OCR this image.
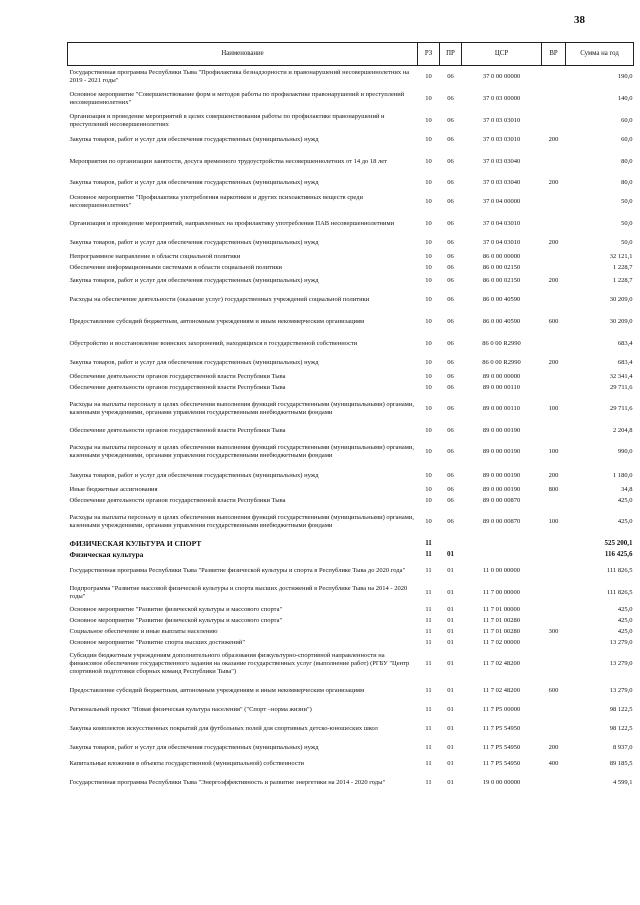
38
Наименование	РЗ	ПР	ЦСР	ВР	Сумма на год
Государственная программа Республики Тыва "Профилактика безнадзорности и правонарушений несовершеннолетних на 2019 - 2021 годы"	10	06	37 0 00 00000		190,0
Основное мероприятие "Совершенствование форм и методов работы по профилактике правонарушений и преступлений несовершеннолетних"	10	06	37 0 03 00000		140,0
Организация и проведение мероприятий в целях совершенствования работы по профилактике правонарушений и преступлений несовершеннолетних	10	06	37 0 03 03010		60,0
Закупка товаров, работ и услуг для обеспечения государственных (муниципальных) нужд	10	06	37 0 03 03010	200	60,0
Мероприятия по организации занятости, досуга временного трудоустройства несовершеннолетних от 14 до 18 лет	10	06	37 0 03 03040		80,0
Закупка товаров, работ и услуг для обеспечения государственных (муниципальных) нужд	10	06	37 0 03 03040	200	80,0
Основное мероприятие "Профилактика употребления наркотиков и других психоактивных веществ среди несовершеннолетних"	10	06	37 0 04 00000		50,0
Организация и проведение мероприятий, направленных на профилактику употребления ПАВ несовершеннолетними	10	06	37 0 04 03010		50,0
Закупка товаров, работ и услуг для обеспечения государственных (муниципальных) нужд	10	06	37 0 04 03010	200	50,0
Непрограммное направление в области социальной политики	10	06	86 0 00 00000		32 121,1
Обеспечение информационными системами в области социальной политики	10	06	86 0 00 02150		1 228,7
Закупка товаров, работ и услуг для обеспечения государственных (муниципальных) нужд	10	06	86 0 00 02150	200	1 228,7
Расходы на обеспечение деятельности (оказание услуг) государственных учреждений социальной политики	10	06	86 0 00 40590		30 209,0
Предоставление субсидий бюджетным, автономным учреждениям и иным некоммерческим организациям	10	06	86 0 00 40590	600	30 209,0
Обустройство и восстановление воинских захоронений, находящихся в государственной собственности	10	06	86 0 00 R2990		683,4
Закупка товаров, работ и услуг для обеспечения государственных (муниципальных) нужд	10	06	86 0 00 R2990	200	683,4
Обеспечение деятельности органов государственной власти Республики Тыва	10	06	89 0 00 00000		32 341,4
Обеспечение деятельности органов государственной власти Республики Тыва	10	06	89 0 00 00110		29 711,6
Расходы на выплаты персоналу в целях обеспечения выполнения функций государственными (муниципальными) органами, казенными учреждениями, органами управления государственными внебюджетными фондами	10	06	89 0 00 00110	100	29 711,6
Обеспечение деятельности органов государственной власти Республики Тыва	10	06	89 0 00 00190		2 204,8
Расходы на выплаты персоналу в целях обеспечения выполнения функций государственными (муниципальными) органами, казенными учреждениями, органами управления государственными внебюджетными фондами	10	06	89 0 00 00190	100	990,0
Закупка товаров, работ и услуг для обеспечения государственных (муниципальных) нужд	10	06	89 0 00 00190	200	1 180,0
Иные бюджетные ассигнования	10	06	89 0 00 00190	800	34,8
Обеспечение деятельности органов государственной власти Республики Тыва	10	06	89 0 00 00870		425,0
Расходы на выплаты персоналу в целях обеспечения выполнения функций государственными (муниципальными) органами, казенными учреждениями, органами управления государственными внебюджетными фондами	10	06	89 0 00 00870	100	425,0
ФИЗИЧЕСКАЯ КУЛЬТУРА И СПОРТ	11				525 200,1
Физическая культура	11	01			116 425,6
Государственная программа Республики Тыва "Развитие физической культуры и спорта в Республике Тыва до 2020 года"	11	01	11 0 00 00000		111 826,5
Подпрограмма "Развитие массовой физической культуры и спорта высших достижений в Республике Тыва на 2014 - 2020 годы"	11	01	11 7 00 00000		111 826,5
Основное мероприятие "Развитие физической культуры и массового спорта"	11	01	11 7 01 00000		425,0
Основное мероприятие "Развитие физической культуры и массового спорта"	11	01	11 7 01 00280		425,0
Социальное обеспечение и иные выплаты населению	11	01	11 7 01 00280	300	425,0
Основное мероприятие "Развитие спорта высших достижений"	11	01	11 7 02 00000		13 279,0
Субсидии бюджетным учреждениям дополнительного образования физкультурно-спортивной направленности на финансовое обеспечение государственного задания на оказание государственных услуг (выполнение работ) (РГБУ "Центр спортивной подготовки сборных команд Республики Тыва")	11	01	11 7 02 48200		13 279,0
Предоставление субсидий бюджетным, автономным учреждениям и иным некоммерческим организациям	11	01	11 7 02 48200	600	13 279,0
Региональный проект "Новая физическая культура населения" ("Спорт –норма жизни")	11	01	11 7 P5 00000		98 122,5
Закупка комплектов искусственных покрытий для футбольных полей для спортивных детско-юношеских школ	11	01	11 7 P5 54950		98 122,5
Закупка товаров, работ и услуг для обеспечения государственных (муниципальных) нужд	11	01	11 7 P5 54950	200	8 937,0
Капитальные вложения в объекты государственной (муниципальной) собственности	11	01	11 7 P5 54950	400	89 185,5
Государственная программа Республики Тыва "Энергоэффективность и развитие энергетики на 2014 - 2020 годы"	11	01	19 0 00 00000		4 599,1
